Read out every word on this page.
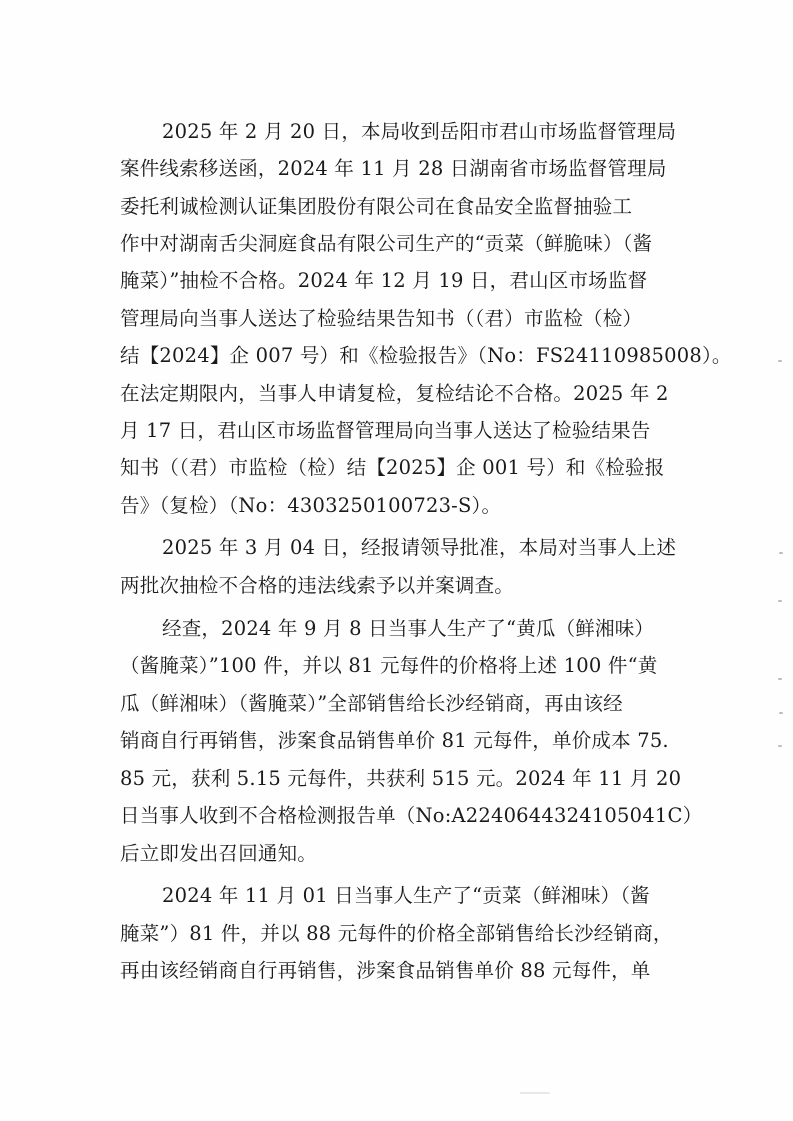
2025 年 2 月 20 日，本局收到岳阳市君山市场监督管理局
案件线索移送函，2024 年 11 月 28 日湖南省市场监督管理局
委托利诚检测认证集团股份有限公司在食品安全监督抽验工
作中对湖南舌尖洞庭食品有限公司生产的“贡菜（鲜脆味）（酱
腌菜）”抽检不合格。2024 年 12 月 19 日，君山区市场监督
管理局向当事人送达了检验结果告知书（（君）市监检（检）
结【2024】企 007 号）和《检验报告》（No：FS24110985008）。
在法定期限内，当事人申请复检，复检结论不合格。2025 年 2
月 17 日，君山区市场监督管理局向当事人送达了检验结果告
知书（（君）市监检（检）结【2025】企 001 号）和《检验报
告》（复检）（No：4303250100723-S）。
2025 年 3 月 04 日，经报请领导批准，本局对当事人上述
两批次抽检不合格的违法线索予以并案调查。
经查，2024 年 9 月 8 日当事人生产了“黄瓜（鲜湘味）
（酱腌菜）”100 件，并以 81 元每件的价格将上述 100 件“黄
瓜（鲜湘味）（酱腌菜）”全部销售给长沙经销商，再由该经
销商自行再销售，涉案食品销售单价 81 元每件，单价成本 75.
85 元，获利 5.15 元每件，共获利 515 元。2024 年 11 月 20
日当事人收到不合格检测报告单（No:A2240644324105041C）
后立即发出召回通知。
2024 年 11 月 01 日当事人生产了“贡菜（鲜湘味）（酱
腌菜”）81 件，并以 88 元每件的价格全部销售给长沙经销商，
再由该经销商自行再销售，涉案食品销售单价 88 元每件，单
